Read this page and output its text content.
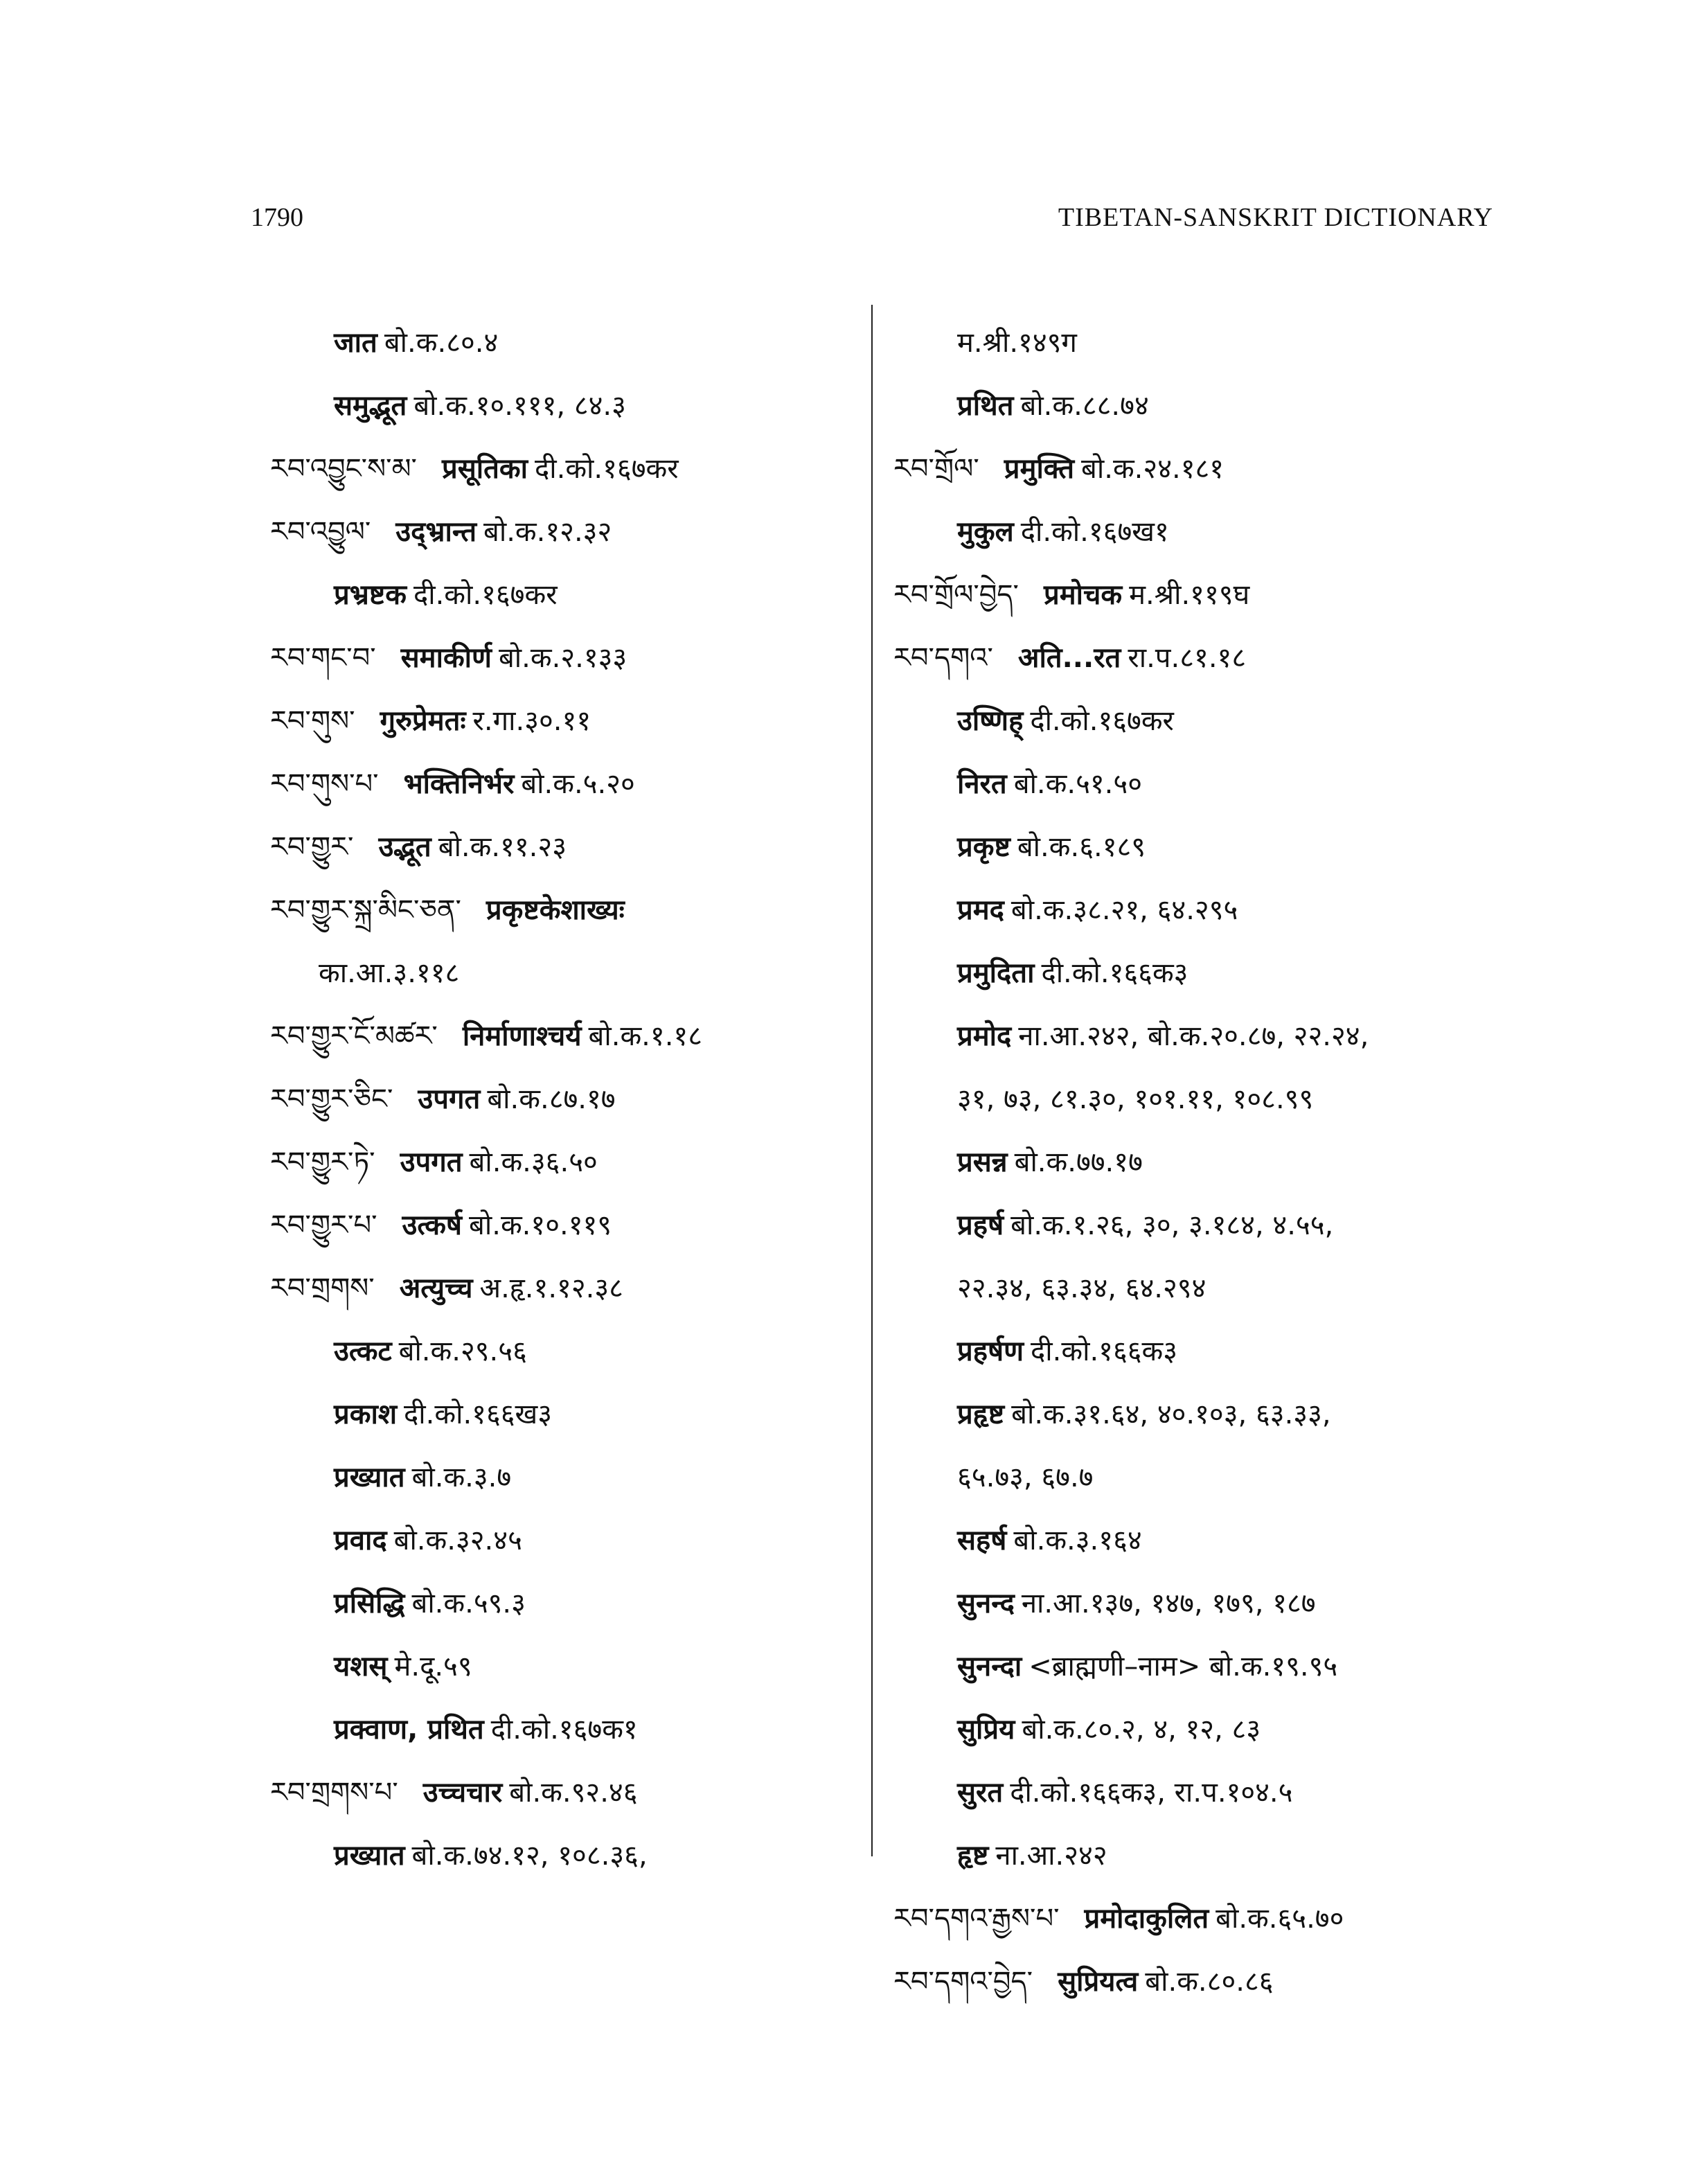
1790	TIBETAN-SANSKRIT DICTIONARY
जात बो.क.८०.४
समुद्भूत बो.क.१०.१११, ८४.३
རབ་འབྱུང་ས་མ་ प्रसूतिका दी.को.१६७कर
རབ་འབྱུལ་ उद्भ्रान्त बो.क.१२.३२
प्रभ्रष्टक दी.को.१६७कर
རབ་གང་བ་ समाकीर्ण बो.क.२.१३३
རབ་གུས་ गुरुप्रेमतः र.गा.३०.११
རབ་གུས་པ་ भक्तिनिर्भर बो.क.५.२०
རབ་གྱུར་ उद्भूत बो.क.११.२३
རབ་གྱུར་སྐྲ་མིང་ཅན་ प्रकृष्टकेशाख्यः
का.आ.३.११८
རབ་གྱུར་ངོ་མཚར་ निर्माणाश्चर्य बो.क.१.१८
རབ་གྱུར་ཅིང་ उपगत बो.क.८७.१७
རབ་གྱུར་ཏེ་ उपगत बो.क.३६.५०
རབ་གྱུར་པ་ उत्कर्ष बो.क.१०.११९
རབ་གྲགས་ अत्युच्च अ.हृ.१.१२.३८
उत्कट बो.क.२९.५६
प्रकाश दी.को.१६६ख३
प्रख्यात बो.क.३.७
प्रवाद बो.क.३२.४५
प्रसिद्धि बो.क.५९.३
यशस् मे.दू.५९
प्रक्वाण, प्रथित दी.को.१६७क१
རབ་གྲགས་པ་ उच्चचार बो.क.९२.४६
प्रख्यात बो.क.७४.१२, १०८.३६,
म.श्री.१४९ग
प्रथित बो.क.८८.७४
རབ་གྲོལ་ प्रमुक्ति बो.क.२४.१८१
मुकुल दी.को.१६७ख१
རབ་གྲོལ་བྱེད་ प्रमोचक म.श्री.११९घ
རབ་དགའ་ अति...रत रा.प.८१.१८
उष्णिह् दी.को.१६७कर
निरत बो.क.५१.५०
प्रकृष्ट बो.क.६.१८९
प्रमद बो.क.३८.२१, ६४.२९५
प्रमुदिता दी.को.१६६क३
प्रमोद ना.आ.२४२, बो.क.२०.८७, २२.२४,
३१, ७३, ८१.३०, १०१.११, १०८.९९
प्रसन्न बो.क.७७.१७
प्रहर्ष बो.क.१.२६, ३०, ३.१८४, ४.५५,
२२.३४, ६३.३४, ६४.२९४
प्रहर्षण दी.को.१६६क३
प्रहृष्ट बो.क.३१.६४, ४०.१०३, ६३.३३,
६५.७३, ६७.७
सहर्ष बो.क.३.१६४
सुनन्द ना.आ.१३७, १४७, १७९, १८७
सुनन्दा <ब्राह्मणी–नाम> बो.क.१९.९५
सुप्रिय बो.क.८०.२, ४, १२, ८३
सुरत दी.को.१६६क३, रा.प.१०४.५
हृष्ट ना.आ.२४२
རབ་དགའ་རྒྱས་པ་ प्रमोदाकुलित बो.क.६५.७०
རབ་དགའ་བྱེད་ सुप्रियत्व बो.क.८०.८६
